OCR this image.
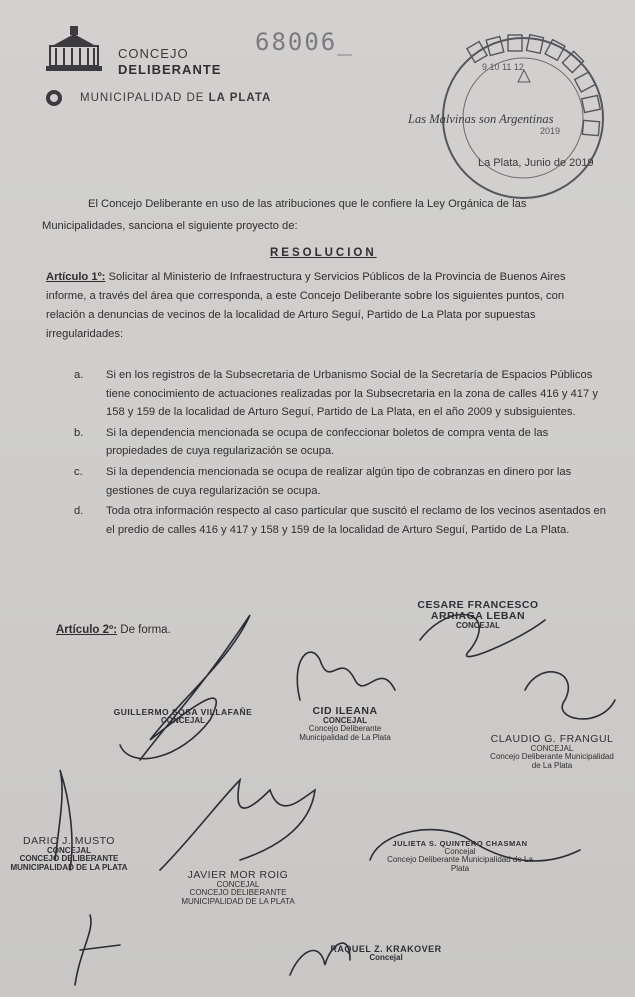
CONCEJO
DELIBERANTE
MUNICIPALIDAD DE LA PLATA
68006_
9 10 11 12
Las Malvinas son Argentinas
2019
La Plata, Junio de 2019
El Concejo Deliberante en uso de las atribuciones que le confiere la Ley Orgánica de las Municipalidades, sanciona el siguiente proyecto de:
RESOLUCION
Artículo 1º: Solicitar al Ministerio de Infraestructura y Servicios Públicos de la Provincia de Buenos Aires informe, a través del área que corresponda, a este Concejo Deliberante sobre los siguientes puntos, con relación a denuncias de vecinos de la localidad de Arturo Seguí, Partido de La Plata por supuestas irregularidades:
a. Si en los registros de la Subsecretaria de Urbanismo Social de la Secretaría de Espacios Públicos tiene conocimiento de actuaciones realizadas por la Subsecretaria en la zona de calles 416 y 417 y 158 y 159 de la localidad de Arturo Seguí, Partido de La Plata, en el año 2009 y subsiguientes.
b. Si la dependencia mencionada se ocupa de confeccionar boletos de compra venta de las propiedades de cuya regularización se ocupa.
c. Si la dependencia mencionada se ocupa de realizar algún tipo de cobranzas en dinero por las gestiones de cuya regularización se ocupa.
d. Toda otra información respecto al caso particular que suscitó el reclamo de los vecinos asentados en el predio de calles 416 y 417 y 158 y 159 de la localidad de Arturo Seguí, Partido de La Plata.
Artículo 2º: De forma.
CESARE FRANCESCO ARRIAGA LEBAN
CONCEJAL
GUILLERMO SOSA VILLAFAÑE
CONCEJAL
CID ILEANA
CONCEJAL
Concejo Deliberante Municipalidad de La Plata	CLAUDIO G. FRANGUL
CONCEJAL
Concejo Deliberante Municipalidad de La Plata
DARIO J. MUSTO
CONCEJAL
CONCEJO DELIBERANTE MUNICIPALIDAD DE LA PLATA
JAVIER MOR ROIG
CONCEJAL
CONCEJO DELIBERANTE MUNICIPALIDAD DE LA PLATA
JULIETA S. QUINTERO CHASMAN
Concejal
Concejo Deliberante Municipalidad de La Plata
RAQUEL Z. KRAKOVER
Concejal
